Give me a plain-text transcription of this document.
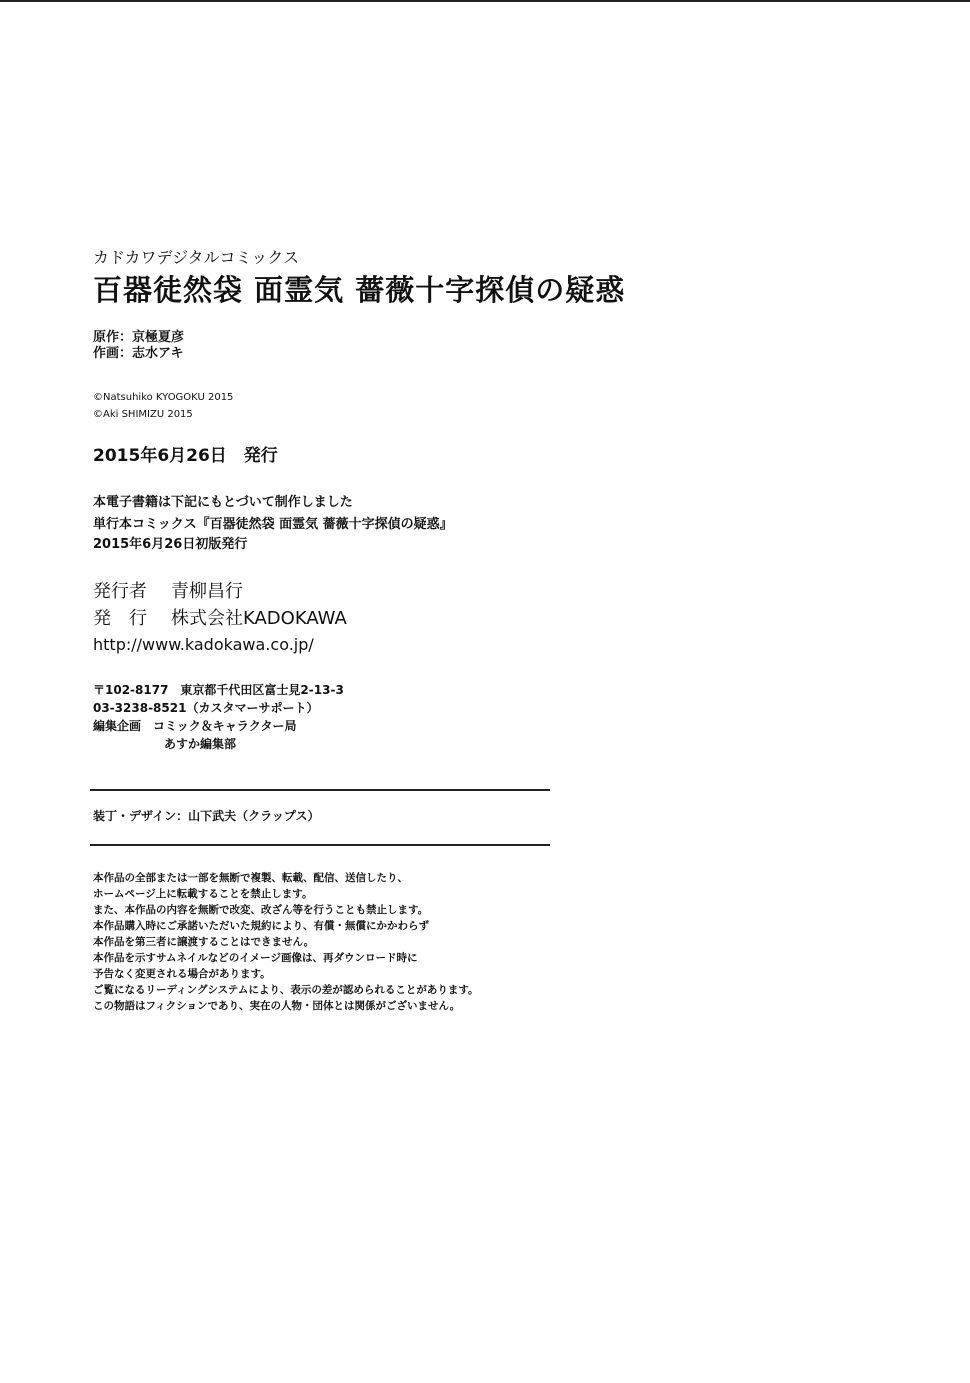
カドカワデジタルコミックス
百器徒然袋 面霊気 薔薇十字探偵の疑惑
原作：京極夏彦
作画：志水アキ
©Natsuhiko KYOGOKU 2015
©Aki SHIMIZU 2015
2015年6月26日　発行
本電子書籍は下記にもとづいて制作しました
単行本コミックス『百器徒然袋 面霊気 薔薇十字探偵の疑惑』
2015年6月26日初版発行
発行者 青柳昌行
発　行 株式会社KADOKAWA
http://www.kadokawa.co.jp/
〒102-8177　東京都千代田区富士見2-13-3
03-3238-8521（カスタマーサポート）
編集企画　コミック＆キャラクター局
あすか編集部
装丁・デザイン：山下武夫（クラップス）
本作品の全部または一部を無断で複製、転載、配信、送信したり、
ホームページ上に転載することを禁止します。
また、本作品の内容を無断で改変、改ざん等を行うことも禁止します。
本作品購入時にご承諾いただいた規約により、有償・無償にかかわらず
本作品を第三者に譲渡することはできません。
本作品を示すサムネイルなどのイメージ画像は、再ダウンロード時に
予告なく変更される場合があります。
ご覧になるリーディングシステムにより、表示の差が認められることがあります。
この物語はフィクションであり、実在の人物・団体とは関係がございません。
